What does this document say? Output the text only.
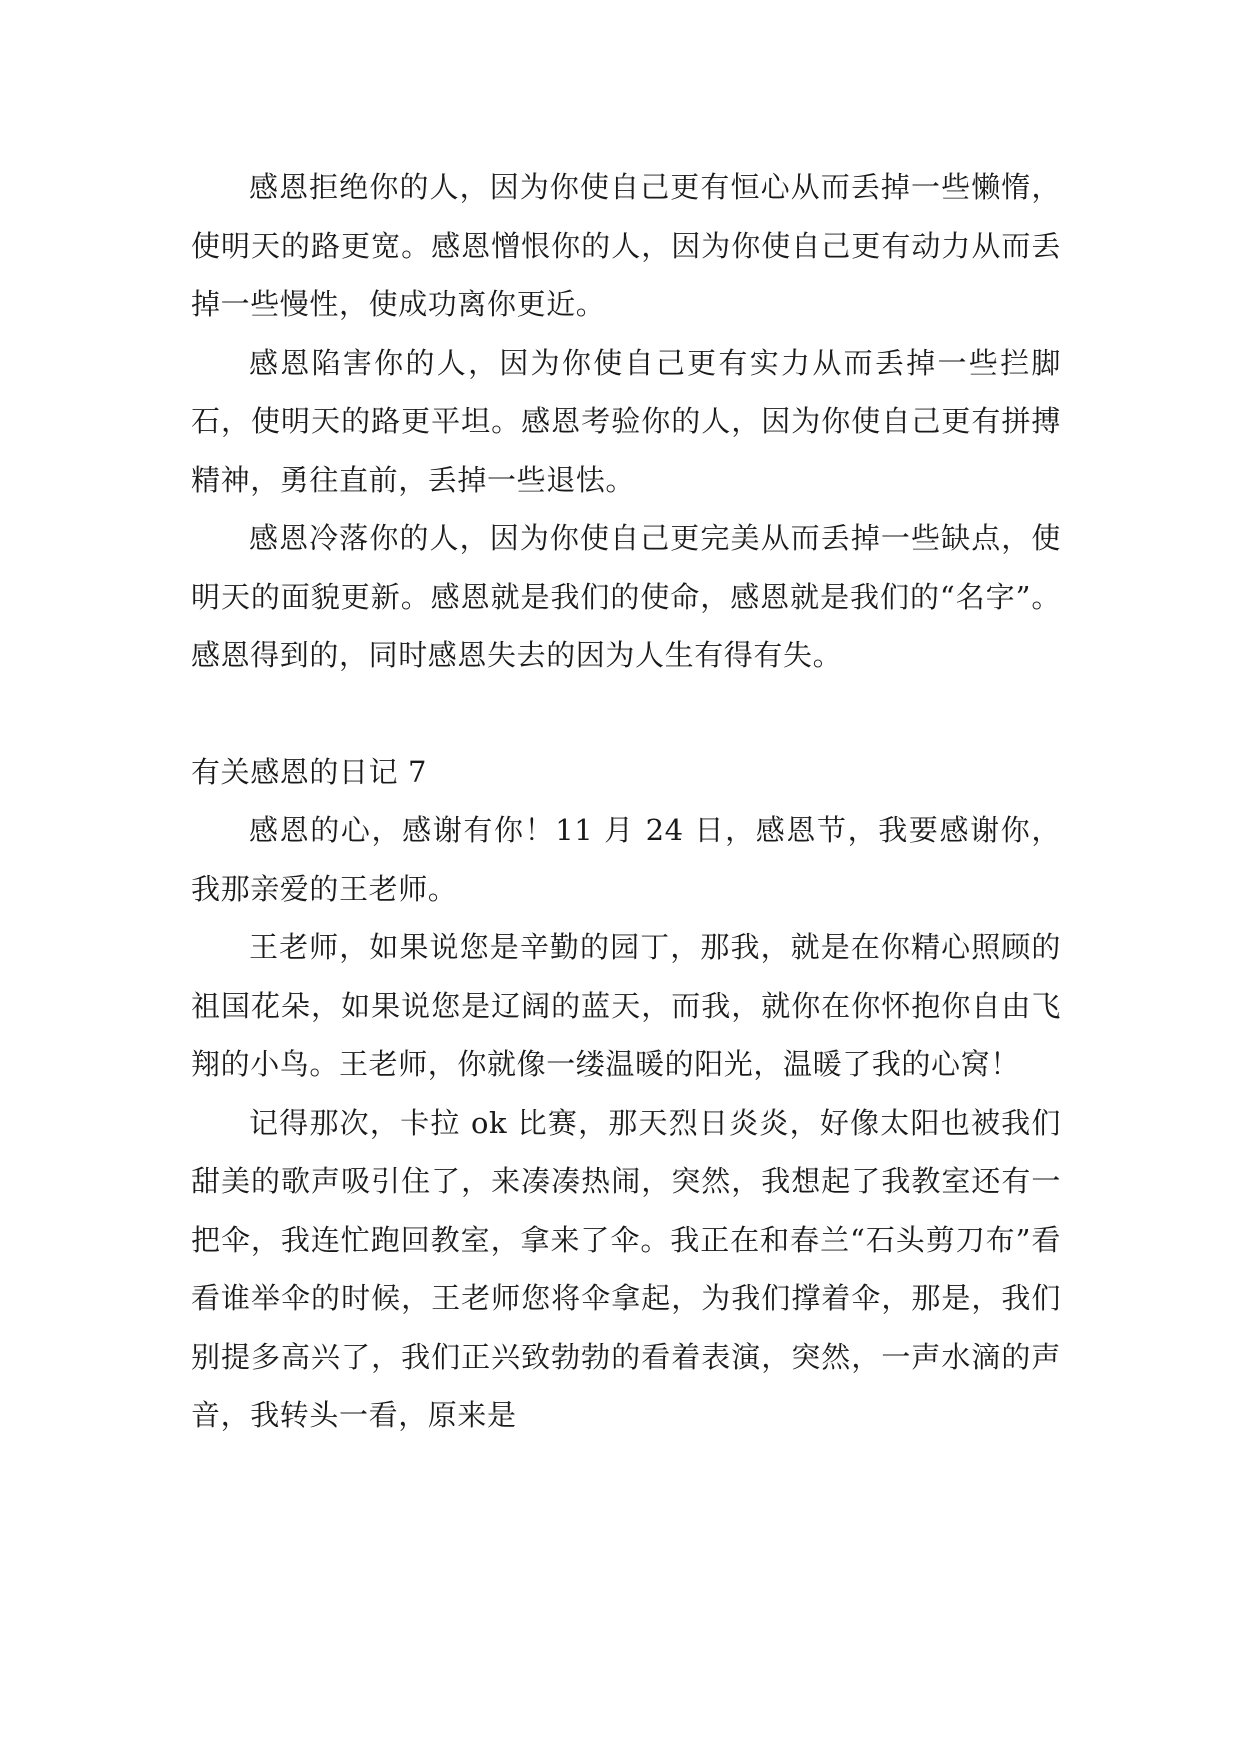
感恩拒绝你的人，因为你使自己更有恒心从而丢掉一些懒惰，使明天的路更宽。感恩憎恨你的人，因为你使自己更有动力从而丢掉一些慢性，使成功离你更近。

感恩陷害你的人，因为你使自己更有实力从而丢掉一些拦脚石，使明天的路更平坦。感恩考验你的人，因为你使自己更有拼搏精神，勇往直前，丢掉一些退怯。

感恩冷落你的人，因为你使自己更完美从而丢掉一些缺点，使明天的面貌更新。感恩就是我们的使命，感恩就是我们的“名字”。感恩得到的，同时感恩失去的因为人生有得有失。

有关感恩的日记 7

感恩的心，感谢有你！11 月 24 日，感恩节，我要感谢你，我那亲爱的王老师。

王老师，如果说您是辛勤的园丁，那我，就是在你精心照顾的祖国花朵，如果说您是辽阔的蓝天，而我，就你在你怀抱你自由飞翔的小鸟。王老师，你就像一缕温暖的阳光，温暖了我的心窝！

记得那次，卡拉 ok 比赛，那天烈日炎炎，好像太阳也被我们甜美的歌声吸引住了，来凑凑热闹，突然，我想起了我教室还有一把伞，我连忙跑回教室，拿来了伞。我正在和春兰“石头剪刀布”看看谁举伞的时候，王老师您将伞拿起，为我们撑着伞，那是，我们别提多高兴了，我们正兴致勃勃的看着表演，突然，一声水滴的声音，我转头一看，原来是
